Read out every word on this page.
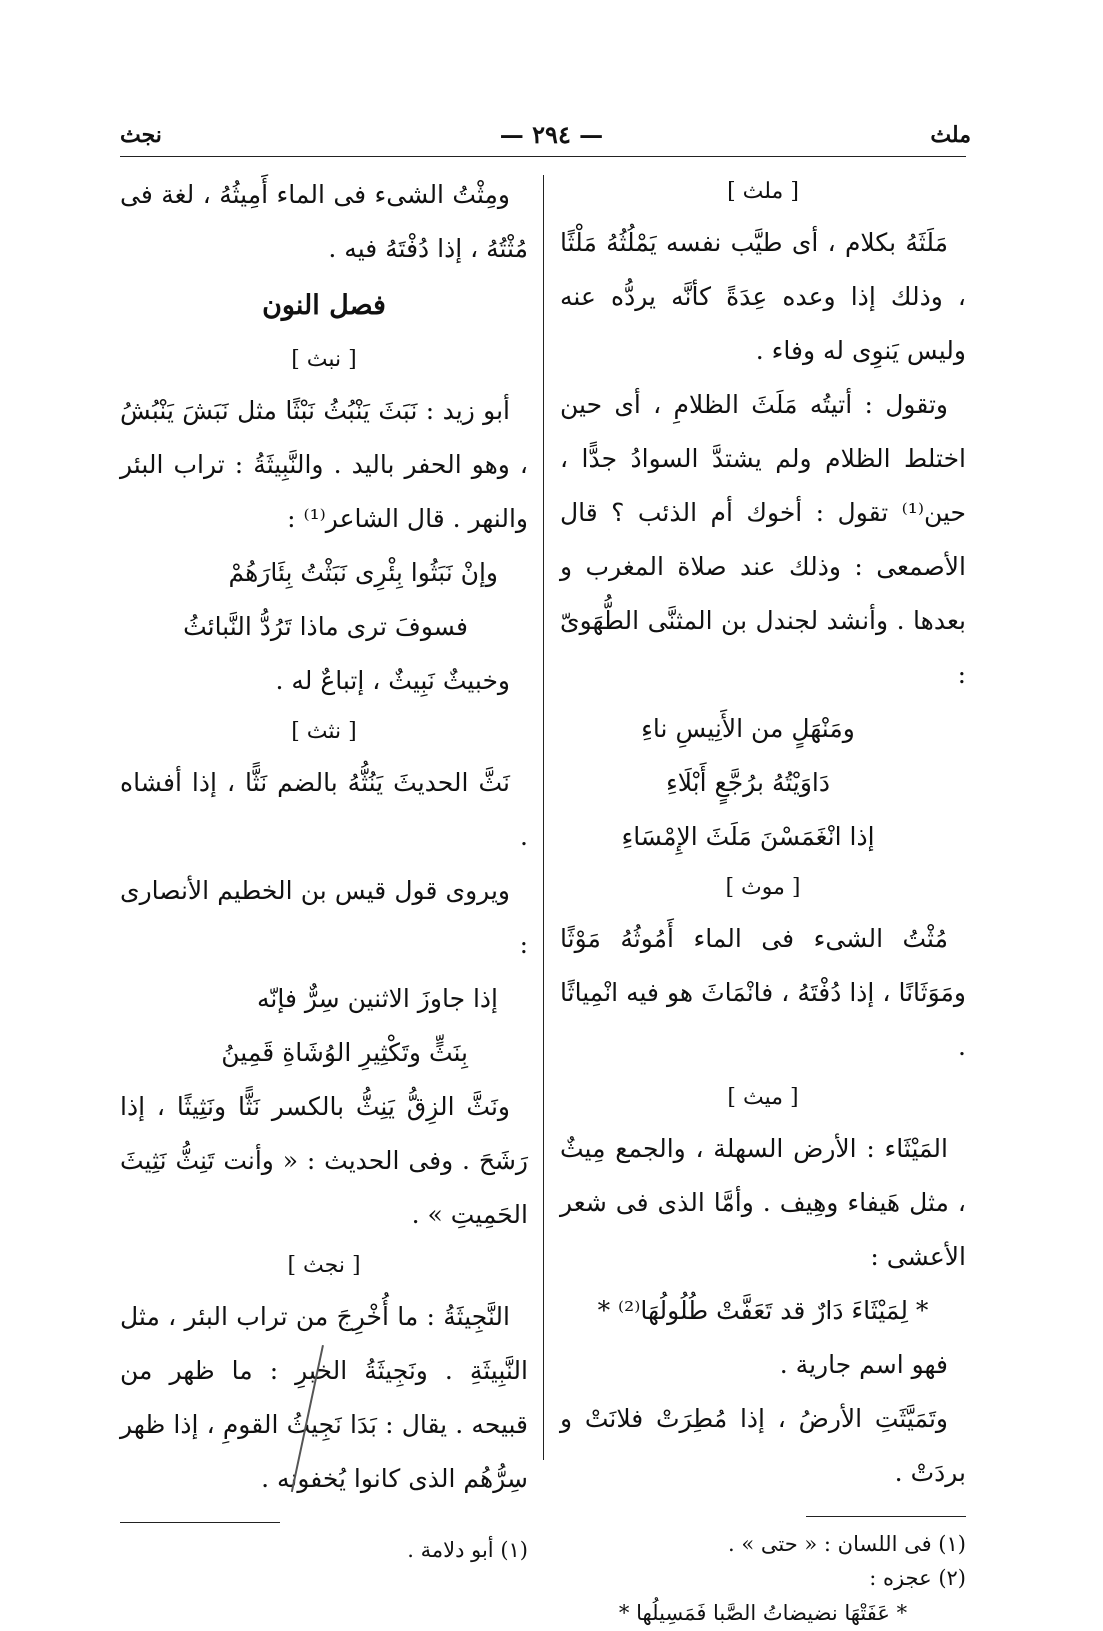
ملث
— ٢٩٤ —
نجث
[ ملث ]

مَلَثَهُ بكلام ، أى طيَّب نفسه يَمْلُثُهُ مَلْثًا ، وذلك إذا وعده عِدَةً كأنَّه يردُّه عنه وليس يَنوِى له وفاء .

وتقول : أتيتُه مَلَثَ الظلامِ ، أى حين اختلط الظلام ولم يشتدَّ السوادُ جدًّا ، حين⁽¹⁾ تقول : أخوك أم الذئب ؟ قال الأصمعى : وذلك عند صلاة المغرب و بعدها . وأنشد لجندل بن المثنَّى الطُّهَوىّ :

ومَنْهَلٍ من الأَنِيسِ ناءِ
دَاوَيْتُهُ برُجَّعٍ أَبْلَاءِ
إذا انْغَمَسْنَ مَلَثَ الإِمْسَاءِ
[ موث ]

مُثْتُ الشىء فى الماء أَمُوثُهُ مَوْثًا ومَوَثَانًا ، إذا دُفْتَهُ ، فانْمَاثَ هو فيه انْمِياثًا .

[ ميث ]

المَيْثَاء : الأرض السهلة ، والجمع مِيثٌ ، مثل هَيفاء وهِيف . وأمَّا الذى فى شعر الأعشى :

* لِمَيْثَاءَ دَارٌ قد تَعَفَّتْ طُلُولُهَا⁽²⁾ *

فهو اسم جارية .

وتَمَيَّثَتِ الأرضُ ، إذا مُطِرَتْ فلانَتْ و بردَتْ .

(١) فى اللسان : « حتى » .
(٢) عجزه :
* عَفَتْهَا نضيضاتُ الصَّبا فَمَسِيلُها *

ومِثْتُ الشىء فى الماء أَمِيثُهُ ، لغة فى مُثْتُهُ ، إذا دُفْتَهُ فيه .

فصل النون
[ نبث ]

أبو زيد : نَبَثَ يَنْبُثُ نَبْثًا مثل نَبَشَ يَنْبُشُ ، وهو الحفر باليد . والنَّبِيثَةُ : تراب البئر والنهر . قال الشاعر⁽¹⁾ :

وإنْ نَبَثُوا بِئْرِى نَبَثْتُ بِئَارَهُمْ
فسوفَ ترى ماذا تَرُدُّ النَّبائثُ

وخبيثٌ نَبِيثٌ ، إتباعٌ له .

[ نثث ]

نَثَّ الحديثَ يَنُثُّهُ بالضم نَثًّا ، إذا أفشاه .

ويروى قول قيس بن الخطيم الأنصارى :

إذا جاوزَ الاثنين سِرٌّ فإنّه
بِنَثٍّ وتَكْثِيرِ الوُشَاةِ قَمِينُ

ونَثَّ الزِقُّ يَنِثُّ بالكسر نَثًّا ونَثِيثًا ، إذا رَشَحَ . وفى الحديث : « وأنت تَنِثُّ نَثِيثَ الحَمِيتِ » .

[ نجث ]

النَّجِيثَةُ : ما أُخْرِجَ من تراب البئر ، مثل النَّبِيثَةِ . ونَجِيثَةُ الخبرِ : ما ظهر من قبيحه . يقال : بَدَا نَجِيثُ القومِ ، إذا ظهر سِرُّهُم الذى كانوا يُخفونه .

(١) أبو دلامة .
